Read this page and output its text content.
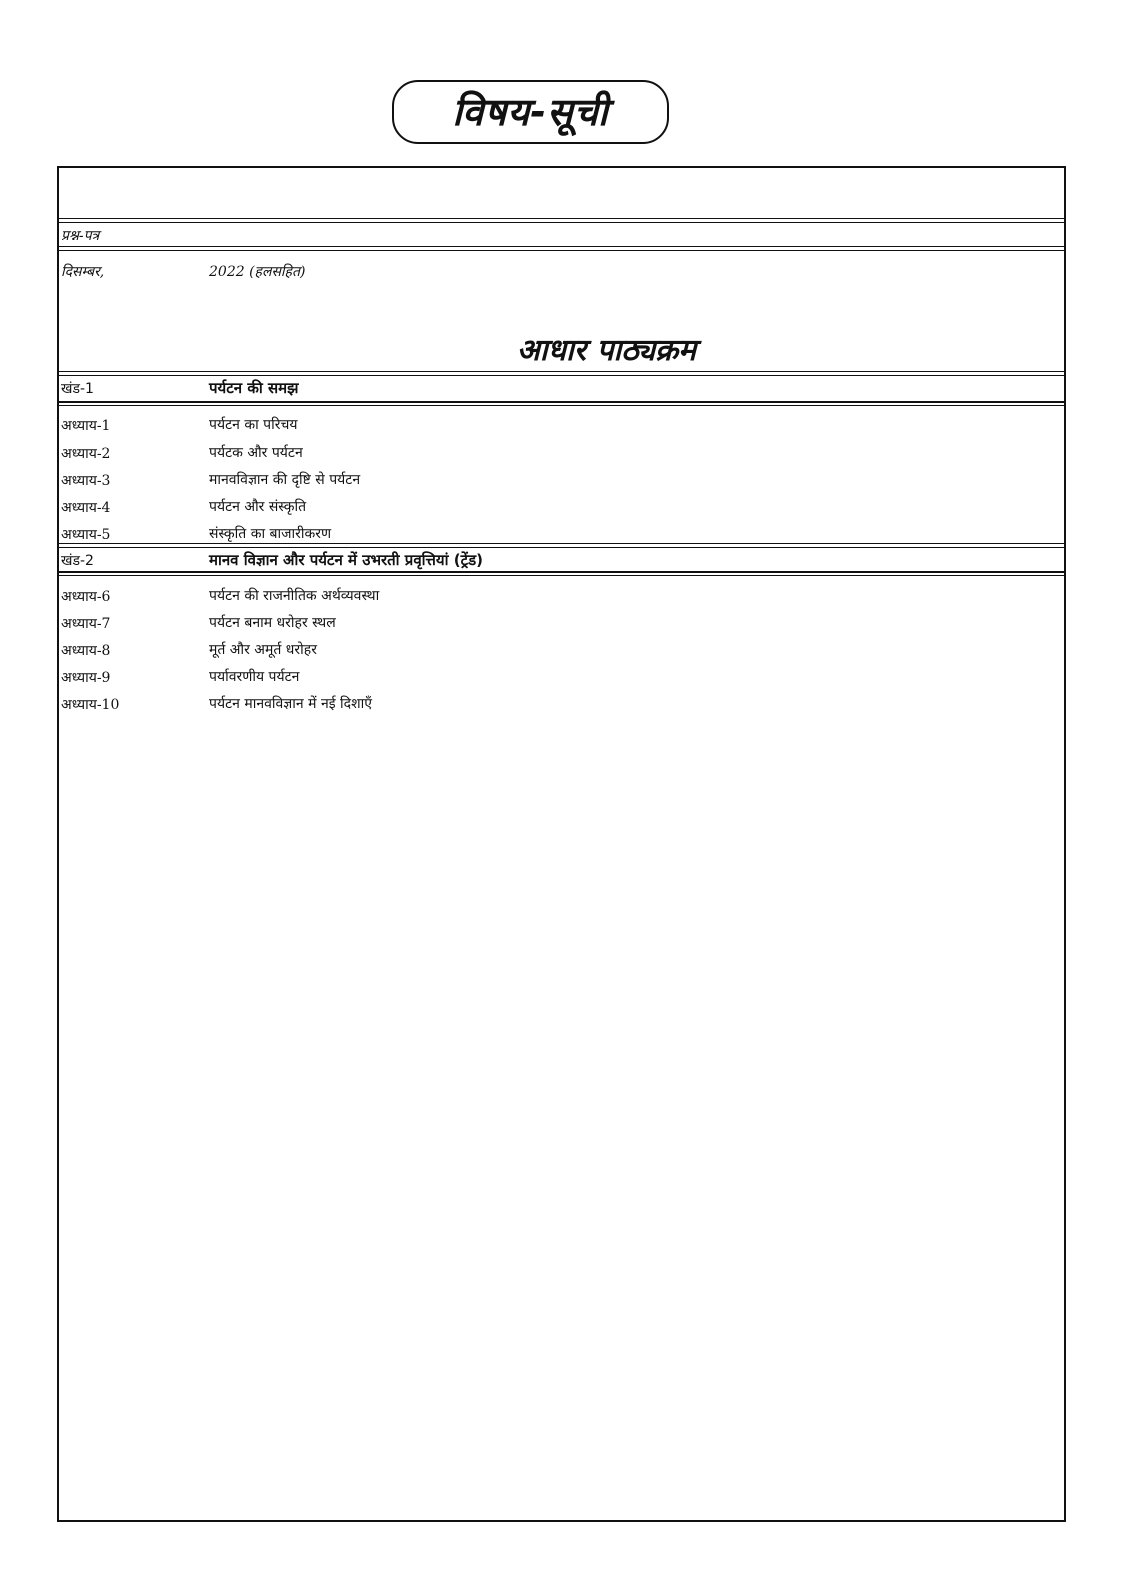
विषय-सूची
प्रश्न-पत्र
दिसम्बर,	2022 (हलसहित)
आधार पाठ्यक्रम
खंड-1	पर्यटन की समझ
अध्याय-1	पर्यटन का परिचय
अध्याय-2	पर्यटक और पर्यटन
अध्याय-3	मानवविज्ञान की दृष्टि से पर्यटन
अध्याय-4	पर्यटन और संस्कृति
अध्याय-5	संस्कृति का बाजारीकरण
खंड-2	मानव विज्ञान और पर्यटन में उभरती प्रवृत्तियां (ट्रेंड)
अध्याय-6	पर्यटन की राजनीतिक अर्थव्यवस्था
अध्याय-7	पर्यटन बनाम धरोहर स्थल
अध्याय-8	मूर्त और अमूर्त धरोहर
अध्याय-9	पर्यावरणीय पर्यटन
अध्याय-10	पर्यटन मानवविज्ञान में नई दिशाएँ
